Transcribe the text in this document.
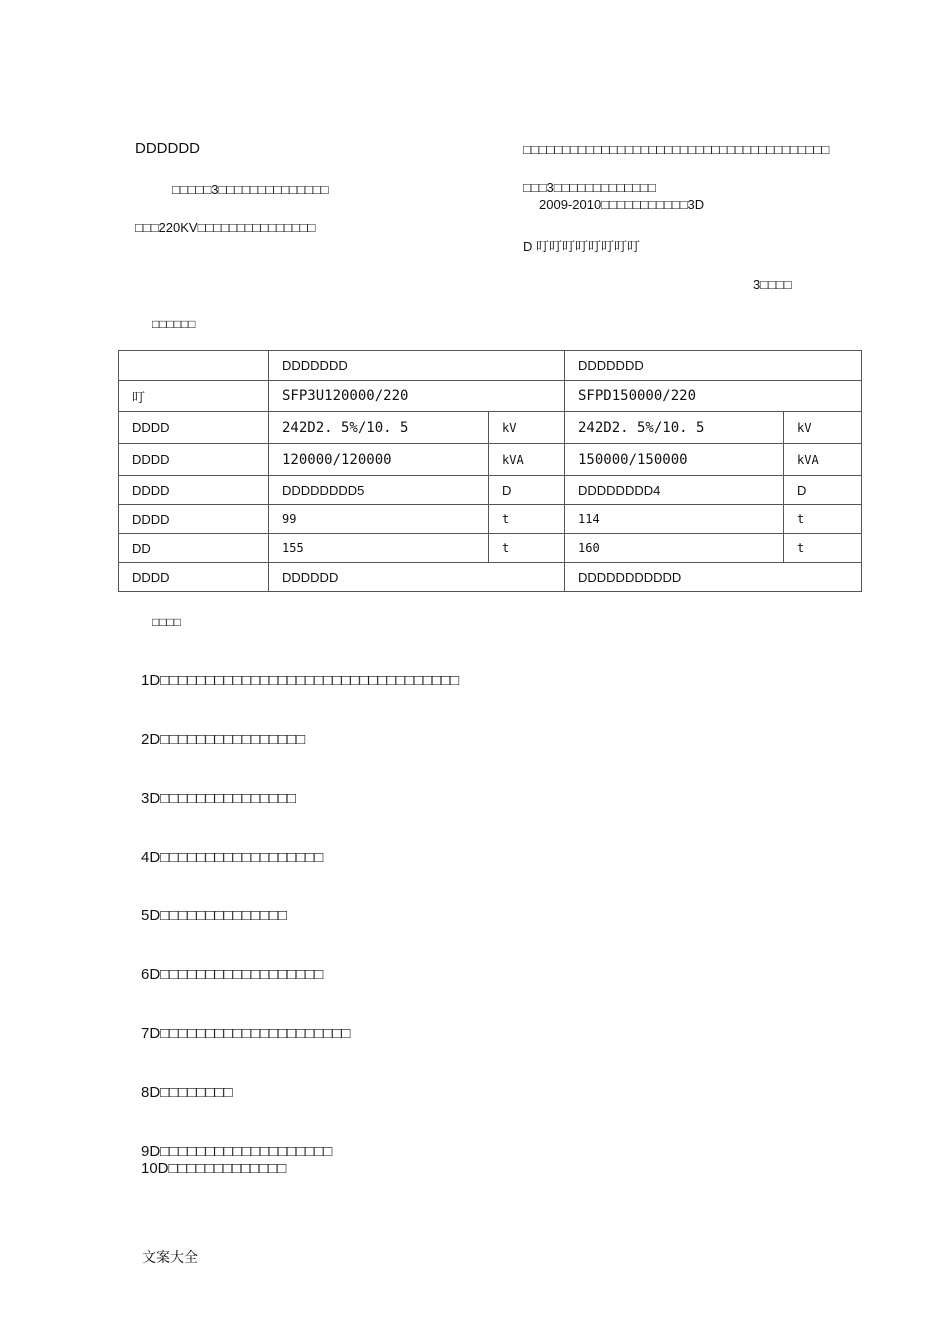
DDDDDD	□□□□□□□□□□□□□□□□□□□□□□□□□□□□□□□□□□□□□□□
□□□□□3□□□□□□□□□□□□□□	□□□3□□□□□□□□□□□□□
2009-2010□□□□□□□□□□□3D
□□□220KV□□□□□□□□□□□□□□□
D 叮叮叮叮叮叮叮叮
3□□□□
□□□□□□
	DDDDDDD		DDDDDDD	
叮	SFP3U120000/220		SFPD150000/220	
DDDD	242D2. 5%/10. 5	kV	242D2. 5%/10. 5	kV
DDDD	120000/120000	kVA	150000/150000	kVA
DDDD	DDDDDDDD5	D	DDDDDDDD4	D
DDDD	99	t	114	t
DD	155	t	160	t
DDDD	DDDDDD		DDDDDDDDDDD	
□□□□
1D□□□□□□□□□□□□□□□□□□□□□□□□□□□□□□□□□
2D□□□□□□□□□□□□□□□□
3D□□□□□□□□□□□□□□□
4D□□□□□□□□□□□□□□□□□□
5D□□□□□□□□□□□□□□
6D□□□□□□□□□□□□□□□□□□
7D□□□□□□□□□□□□□□□□□□□□□
8D□□□□□□□□
9D□□□□□□□□□□□□□□□□□□□
10D□□□□□□□□□□□□□
文案大全
